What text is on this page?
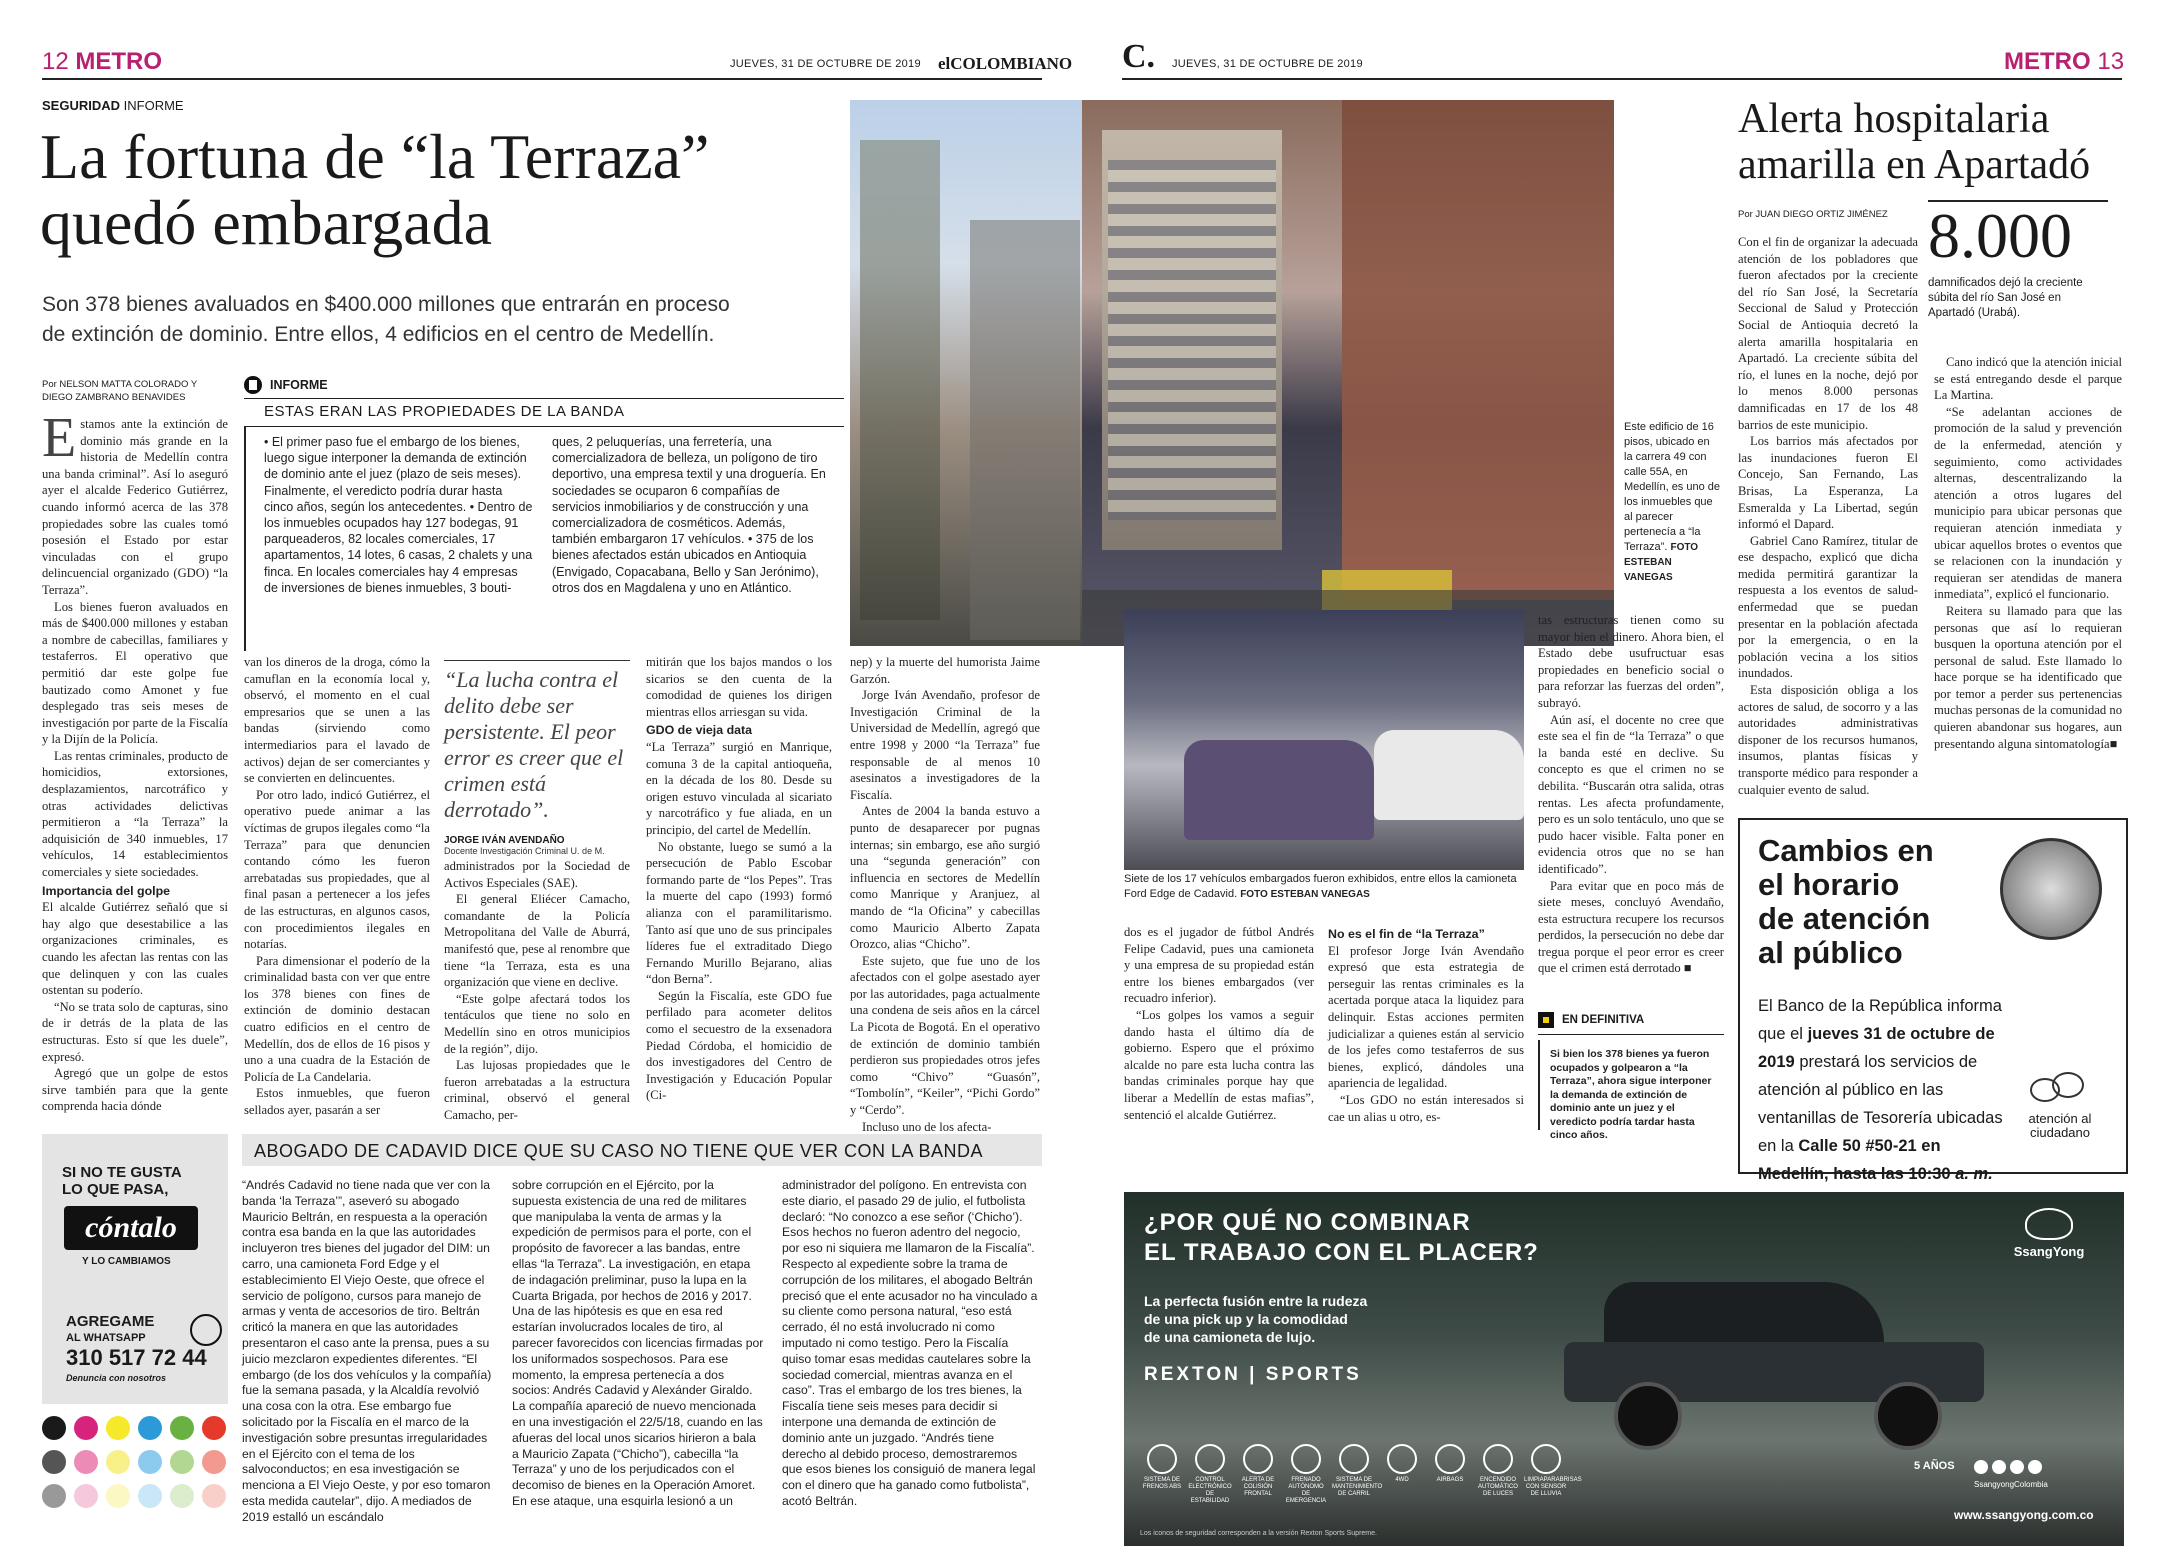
12 METRO	JUEVES, 31 DE OCTUBRE DE 2019 elCOLOMBIANO
SEGURIDAD INFORME
La fortuna de “la Terraza”
quedó embargada
Son 378 bienes avaluados en $400.000 millones que entrarán en proceso
de extinción de dominio. Entre ellos, 4 edificios en el centro de Medellín.
Por NELSON MATTA COLORADO Y
DIEGO ZAMBRANO BENAVIDES

Estamos ante la extinción de dominio más grande en la historia de Medellín contra una banda criminal”. Así lo aseguró ayer el alcalde Federico Gutiérrez, cuando informó acerca de las 378 propiedades sobre las cuales tomó posesión el Estado por estar vinculadas con el grupo delincuencial organizado (GDO) “la Terraza”.

Los bienes fueron avaluados en más de $400.000 millones y estaban a nombre de cabecillas, familiares y testaferros. El operativo que permitió dar este golpe fue bautizado como Amonet y fue desplegado tras seis meses de investigación por parte de la Fiscalía y la Dijín de la Policía.

Las rentas criminales, producto de homicidios, extorsiones, desplazamientos, narcotráfico y otras actividades delictivas permitieron a “la Terraza” la adquisición de 340 inmuebles, 17 vehículos, 14 establecimientos comerciales y siete sociedades.

Importancia del golpe

El alcalde Gutiérrez señaló que si hay algo que desestabilice a las organizaciones criminales, es cuando les afectan las rentas con las que delinquen y con las cuales ostentan su poderío.

“No se trata solo de capturas, sino de ir detrás de la plata de las estructuras. Esto sí que les duele”, expresó.

Agregó que un golpe de estos sirve también para que la gente comprenda hacia dónde

INFORME
ESTAS ERAN LAS PROPIEDADES DE LA BANDA
• El primer paso fue el embargo de los bienes, luego sigue interponer la demanda de extinción de dominio ante el juez (plazo de seis meses). Finalmente, el veredicto podría durar hasta cinco años, según los antecedentes. • Dentro de los inmuebles ocupados hay 127 bodegas, 91 parqueaderos, 82 locales comerciales, 17 apartamentos, 14 lotes, 6 casas, 2 chalets y una finca. En locales comerciales hay 4 empresas de inversiones de bienes inmuebles, 3 bouti-
ques, 2 peluquerías, una ferretería, una comercializadora de belleza, un polígono de tiro deportivo, una empresa textil y una droguería. En sociedades se ocuparon 6 compañías de servicios inmobiliarios y de construcción y una comercializadora de cosméticos. Además, también embargaron 17 vehículos. • 375 de los bienes afectados están ubicados en Antioquia (Envigado, Copacabana, Bello y San Jerónimo), otros dos en Magdalena y uno en Atlántico.

van los dineros de la droga, cómo la camuflan en la economía local y, observó, el momento en el cual empresarios que se unen a las bandas (sirviendo como intermediarios para el lavado de activos) dejan de ser comerciantes y se convierten en delincuentes.

Por otro lado, indicó Gutiérrez, el operativo puede animar a las víctimas de grupos ilegales como “la Terraza” para que denuncien contando cómo les fueron arrebatadas sus propiedades, que al final pasan a pertenecer a los jefes de las estructuras, en algunos casos, con procedimientos ilegales en notarías.

Para dimensionar el poderío de la criminalidad basta con ver que entre los 378 bienes con fines de extinción de dominio destacan cuatro edificios en el centro de Medellín, dos de ellos de 16 pisos y uno a una cuadra de la Estación de Policía de La Candelaria.

Estos inmuebles, que fueron sellados ayer, pasarán a ser

“La lucha contra el delito debe ser persistente. El peor error es creer que el crimen está derrotado”.
JORGE IVÁN AVENDAÑO
Docente Investigación Criminal U. de M.

administrados por la Sociedad de Activos Especiales (SAE).

El general Eliécer Camacho, comandante de la Policía Metropolitana del Valle de Aburrá, manifestó que, pese al renombre que tiene “la Terraza, esta es una organización que viene en declive.

“Este golpe afectará todos los tentáculos que tiene no solo en Medellín sino en otros municipios de la región”, dijo.

Las lujosas propiedades que le fueron arrebatadas a la estructura criminal, observó el general Camacho, per-

mitirán que los bajos mandos o los sicarios se den cuenta de la comodidad de quienes los dirigen mientras ellos arriesgan su vida.

GDO de vieja data

“La Terraza” surgió en Manrique, comuna 3 de la capital antioqueña, en la década de los 80. Desde su origen estuvo vinculada al sicariato y narcotráfico y fue aliada, en un principio, del cartel de Medellín.

No obstante, luego se sumó a la persecución de Pablo Escobar formando parte de “los Pepes”. Tras la muerte del capo (1993) formó alianza con el paramilitarismo. Tanto así que uno de sus principales líderes fue el extraditado Diego Fernando Murillo Bejarano, alias “don Berna”.

Según la Fiscalía, este GDO fue perfilado para acometer delitos como el secuestro de la exsenadora Piedad Córdoba, el homicidio de dos investigadores del Centro de Investigación y Educación Popular (Ci-

nep) y la muerte del humorista Jaime Garzón.

Jorge Iván Avendaño, profesor de Investigación Criminal de la Universidad de Medellín, agregó que entre 1998 y 2000 “la Terraza” fue responsable de al menos 10 asesinatos a investigadores de la Fiscalía.

Antes de 2004 la banda estuvo a punto de desaparecer por pugnas internas; sin embargo, ese año surgió una “segunda generación” con influencia en sectores de Medellín como Manrique y Aranjuez, al mando de “la Oficina” y cabecillas como Mauricio Alberto Zapata Orozco, alias “Chicho”.

Este sujeto, que fue uno de los afectados con el golpe asestado ayer por las autoridades, paga actualmente una condena de seis años en la cárcel La Picota de Bogotá. En el operativo de extinción de dominio también perdieron sus propiedades otros jefes como “Chivo” “Guasón”, “Tombolín”, “Keiler”, “Pichi Gordo” y “Cerdo”.

Incluso uno de los afecta-

ABOGADO DE CADAVID DICE QUE SU CASO NO TIENE QUE VER CON LA BANDA
“Andrés Cadavid no tiene nada que ver con la banda ‘la Terraza’”, aseveró su abogado Mauricio Beltrán, en respuesta a la operación contra esa banda en la que las autoridades incluyeron tres bienes del jugador del DIM: un carro, una camioneta Ford Edge y el establecimiento El Viejo Oeste, que ofrece el servicio de polígono, cursos para manejo de armas y venta de accesorios de tiro. Beltrán criticó la manera en que las autoridades presentaron el caso ante la prensa, pues a su juicio mezclaron expedientes diferentes. “El embargo (de los dos vehículos y la compañía) fue la semana pasada, y la Alcaldía revolvió una cosa con la otra. Ese embargo fue solicitado por la Fiscalía en el marco de la investigación sobre presuntas irregularidades en el Ejército con el tema de los salvoconductos; en esa investigación se menciona a El Viejo Oeste, y por eso tomaron esta medida cautelar”, dijo. A mediados de 2019 estalló un escándalo
sobre corrupción en el Ejército, por la supuesta existencia de una red de militares que manipulaba la venta de armas y la expedición de permisos para el porte, con el propósito de favorecer a las bandas, entre ellas “la Terraza”. La investigación, en etapa de indagación preliminar, puso la lupa en la Cuarta Brigada, por hechos de 2016 y 2017. Una de las hipótesis es que en esa red estarían involucrados locales de tiro, al parecer favorecidos con licencias firmadas por los uniformados sospechosos. Para ese momento, la empresa pertenecía a dos socios: Andrés Cadavid y Alexánder Giraldo. La compañía apareció de nuevo mencionada en una investigación el 22/5/18, cuando en las afueras del local unos sicarios hirieron a bala a Mauricio Zapata (“Chicho”), cabecilla “la Terraza” y uno de los perjudicados con el decomiso de bienes en la Operación Amoret. En ese ataque, una esquirla lesionó a un
administrador del polígono. En entrevista con este diario, el pasado 29 de julio, el futbolista declaró: “No conozco a ese señor (‘Chicho’). Esos hechos no fueron adentro del negocio, por eso ni siquiera me llamaron de la Fiscalía”. Respecto al expediente sobre la trama de corrupción de los militares, el abogado Beltrán precisó que el ente acusador no ha vinculado a su cliente como persona natural, “eso está cerrado, él no está involucrado ni como imputado ni como testigo. Pero la Fiscalía quiso tomar esas medidas cautelares sobre la sociedad comercial, mientras avanza en el caso”. Tras el embargo de los tres bienes, la Fiscalía tiene seis meses para decidir si interpone una demanda de extinción de dominio ante un juzgado. “Andrés tiene derecho al debido proceso, demostraremos que esos bienes los consiguió de manera legal con el dinero que ha ganado como futbolista”, acotó Beltrán.
SI NO TE GUSTA
LO QUE PASA,
cóntalo
Y LO CAMBIAMOS
AGREGAME
AL WHATSAPP
310 517 72 44
Denuncia con nosotros
C. JUEVES, 31 DE OCTUBRE DE 2019	METRO 13
Este edificio de 16 pisos, ubicado en la carrera 49 con calle 55A, en Medellín, es uno de los inmuebles que al parecer pertenecía a “la Terraza”. FOTO ESTEBAN VANEGAS
Siete de los 17 vehículos embargados fueron exhibidos, entre ellos la camioneta Ford Edge de Cadavid. FOTO ESTEBAN VANEGAS

dos es el jugador de fútbol Andrés Felipe Cadavid, pues una camioneta y una empresa de su propiedad están entre los bienes embargados (ver recuadro inferior).

“Los golpes los vamos a seguir dando hasta el último día de gobierno. Espero que el próximo alcalde no pare esta lucha contra las bandas criminales porque hay que liberar a Medellín de estas mafias”, sentenció el alcalde Gutiérrez.

No es el fin de “la Terraza”

El profesor Jorge Iván Avendaño expresó que esta estrategia de perseguir las rentas criminales es la acertada porque ataca la liquidez para delinquir. Estas acciones permiten judicializar a quienes están al servicio de los jefes como testaferros de sus bienes, explicó, dándoles una apariencia de legalidad.

“Los GDO no están interesados si cae un alias u otro, es-

tas estructuras tienen como su mayor bien el dinero. Ahora bien, el Estado debe usufructuar esas propiedades en beneficio social o para reforzar las fuerzas del orden”, subrayó.

Aún así, el docente no cree que este sea el fin de “la Terraza” o que la banda esté en declive. Su concepto es que el crimen no se debilita. “Buscarán otra salida, otras rentas. Les afecta profundamente, pero es un solo tentáculo, uno que se pudo hacer visible. Falta poner en evidencia otros que no se han identificado”.

Para evitar que en poco más de siete meses, concluyó Avendaño, esta estructura recupere los recursos perdidos, la persecución no debe dar tregua porque el peor error es creer que el crimen está derrotado ■

EN DEFINITIVA
Si bien los 378 bienes ya fueron ocupados y golpearon a “la Terraza”, ahora sigue interponer la demanda de extinción de dominio ante un juez y el veredicto podría tardar hasta cinco años.
Alerta hospitalaria
amarilla en Apartadó
Por JUAN DIEGO ORTIZ JIMÉNEZ 8.000
damnificados dejó la creciente súbita del río San José en Apartadó (Urabá).

Con el fin de organizar la adecuada atención de los pobladores que fueron afectados por la creciente del río San José, la Secretaría Seccional de Salud y Protección Social de Antioquia decretó la alerta amarilla hospitalaria en Apartadó. La creciente súbita del río, el lunes en la noche, dejó por lo menos 8.000 personas damnificadas en 17 de los 48 barrios de este municipio.

Los barrios más afectados por las inundaciones fueron El Concejo, San Fernando, Las Brisas, La Esperanza, La Esmeralda y La Libertad, según informó el Dapard.

Gabriel Cano Ramírez, titular de ese despacho, explicó que dicha medida permitirá garantizar la respuesta a los eventos de salud-enfermedad que se puedan presentar en la población afectada por la emergencia, o en la población vecina a los sitios inundados.

Esta disposición obliga a los actores de salud, de socorro y a las autoridades administrativas disponer de los recursos humanos, insumos, plantas físicas y transporte médico para responder a cualquier evento de salud.

Cano indicó que la atención inicial se está entregando desde el parque La Martina.

“Se adelantan acciones de promoción de la salud y prevención de la enfermedad, atención y seguimiento, como actividades alternas, descentralizando la atención a otros lugares del municipio para ubicar personas que requieran atención inmediata y ubicar aquellos brotes o eventos que se relacionen con la inundación y requieran ser atendidas de manera inmediata”, explicó el funcionario.

Reitera su llamado para que las personas que así lo requieran busquen la oportuna atención por el personal de salud. Este llamado lo hace porque se ha identificado que por temor a perder sus pertenencias muchas personas de la comunidad no quieren abandonar sus hogares, aun presentando alguna sintomatología■

Cambios en
el horario
de atención
al público
El Banco de la República informa
que el jueves 31 de octubre de
2019 prestará los servicios de
atención al público en las
ventanillas de Tesorería ubicadas
en la Calle 50 #50-21 en
Medellín, hasta las 10:30 a. m.
atención al
ciudadano
¿POR QUÉ NO COMBINAR
EL TRABAJO CON EL PLACER?
La perfecta fusión entre la rudeza
de una pick up y la comodidad
de una camioneta de lujo.
REXTON | SPORTS
SsangYong
SISTEMA DE FRENOS ABS
CONTROL ELECTRÓNICO DE ESTABILIDAD
ALERTA DE COLISIÓN FRONTAL
FRENADO AUTÓNOMO DE EMERGENCIA
SISTEMA DE MANTENIMIENTO DE CARRIL
4WD	AIRBAGS	ENCENDIDO AUTOMÁTICO DE LUCES
LIMPIAPARABRISAS CON SENSOR DE LLUVIA
Los iconos de seguridad corresponden a la versión Rexton Sports Supreme.
5 AÑOS
SsangyongColombia
www.ssangyong.com.co
